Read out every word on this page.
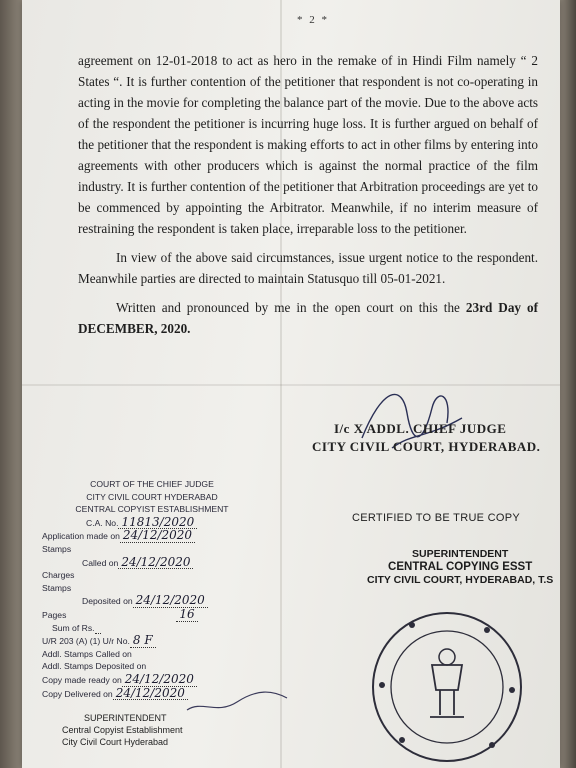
* 2 *

agreement on 12-01-2018 to act as hero in the remake of in Hindi Film namely “ 2 States “. It is further contention of the petitioner that respondent is not co-operating in acting in the movie for completing the balance part of the movie. Due to the above acts of the respondent the petitioner is incurring huge loss. It is further argued on behalf of the petitioner that the respondent is making efforts to act in other films by entering into agreements with other producers which is against the normal practice of the film industry. It is further contention of the petitioner that Arbitration proceedings are yet to be commenced by appointing the Arbitrator. Meanwhile, if no interim measure of restraining the respondent is taken place, irreparable loss to the petitioner.

In view of the above said circumstances, issue urgent notice to the respondent. Meanwhile parties are directed to maintain Statusquo till 05-01-2021.

Written and pronounced by me in the open court on this the 23rd Day of DECEMBER, 2020.

I/c X ADDL. CHIEF JUDGE
CITY CIVIL COURT, HYDERABAD.
COURT OF THE CHIEF JUDGE
CITY CIVIL COURT HYDERABAD
CENTRAL COPYIST ESTABLISHMENT
C.A. No. 11813/2020
Application made on 24/12/2020
Stamps
Called on 24/12/2020
Charges
Stamps
Deposited on 24/12/2020
Pages	16
Sum of Rs.
U/R 203 (A) (1) U/r No. 8 F
Addl. Stamps Called on
Addl. Stamps Deposited on
Copy made ready on 24/12/2020
Copy Delivered on 24/12/2020
CERTIFIED TO BE TRUE COPY
SUPERINTENDENT
CENTRAL COPYING ESST
CITY CIVIL COURT, HYDERABAD, T.S
SUPERINTENDENT
Central Copyist Establishment
City Civil Court Hyderabad
